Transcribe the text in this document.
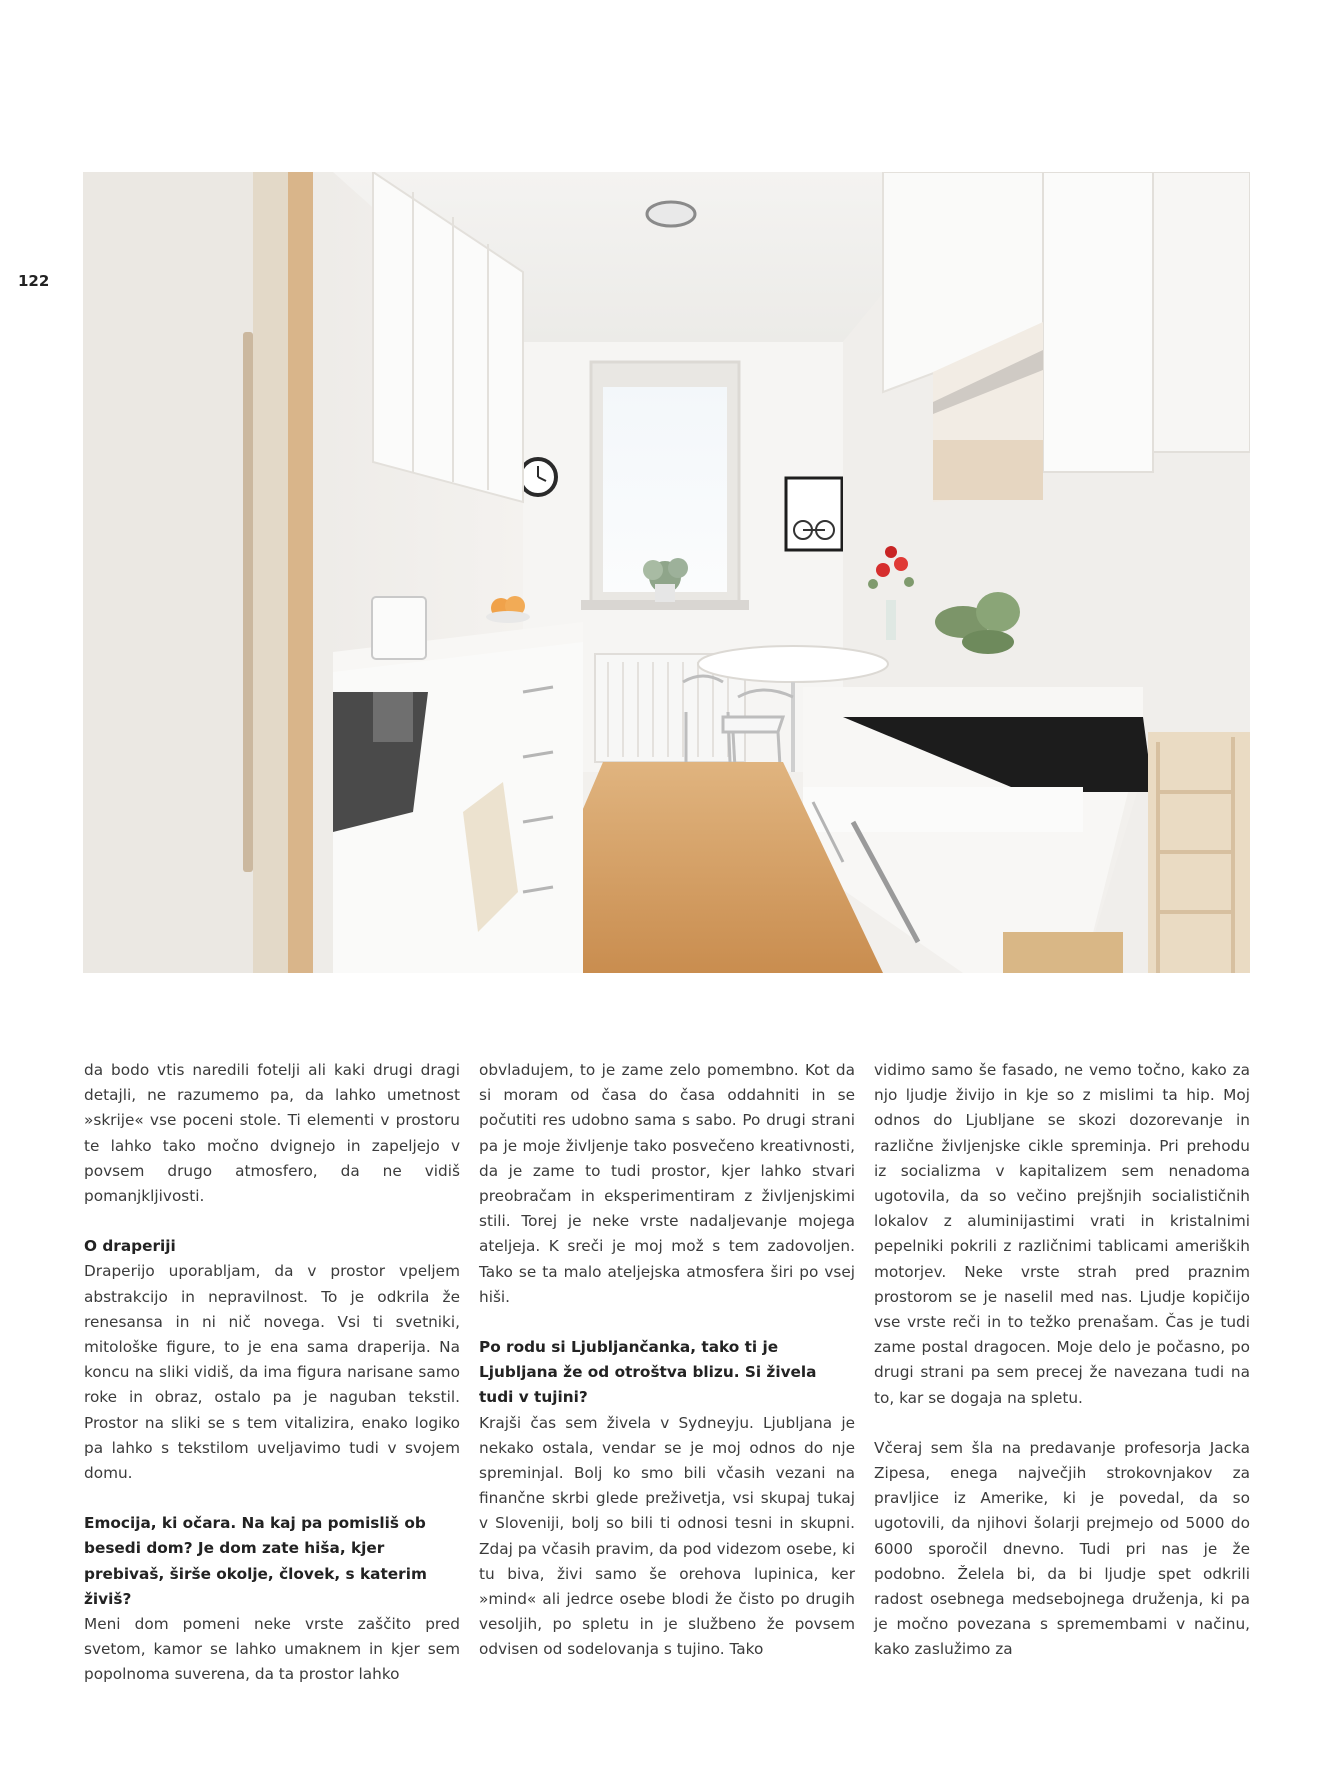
122

da bodo vtis naredili fotelji ali kaki drugi dragi detajli, ne razumemo pa, da lahko umetnost »skrije« vse poceni stole. Ti elementi v prostoru te lahko tako močno dvignejo in zapeljejo v povsem drugo atmosfero, da ne vidiš pomanjkljivosti.

O draperiji

Draperijo uporabljam, da v prostor vpeljem abstrakcijo in nepravilnost. To je odkrila že renesansa in ni nič novega. Vsi ti svetniki, mitološke figure, to je ena sama draperija. Na koncu na sliki vidiš, da ima figura narisane samo roke in obraz, ostalo pa je naguban tekstil. Prostor na sliki se s tem vitalizira, enako logiko pa lahko s tekstilom uveljavimo tudi v svojem domu.

Emocija, ki očara. Na kaj pa pomisliš ob besedi dom? Je dom zate hiša, kjer prebivaš, širše okolje, človek, s katerim živiš?

Meni dom pomeni neke vrste zaščito pred svetom, kamor se lahko umaknem in kjer sem popolnoma suverena, da ta prostor lahko

obvladujem, to je zame zelo pomembno. Kot da si moram od časa do časa oddahniti in se počutiti res udobno sama s sabo. Po drugi strani pa je moje življenje tako posvečeno kreativnosti, da je zame to tudi prostor, kjer lahko stvari preobračam in eksperimentiram z življenjskimi stili. Torej je neke vrste nadaljevanje mojega ateljeja. K sreči je moj mož s tem zadovoljen. Tako se ta malo ateljejska atmosfera širi po vsej hiši.

Po rodu si Ljubljančanka, tako ti je Ljubljana že od otroštva blizu. Si živela tudi v tujini?

Krajši čas sem živela v Sydneyju. Ljubljana je nekako ostala, vendar se je moj odnos do nje spreminjal. Bolj ko smo bili včasih vezani na finančne skrbi glede preživetja, vsi skupaj tukaj v Sloveniji, bolj so bili ti odnosi tesni in skupni. Zdaj pa včasih pravim, da pod videzom osebe, ki tu biva, živi samo še orehova lupinica, ker »mind« ali jedrce osebe blodi že čisto po drugih vesoljih, po spletu in je službeno že povsem odvisen od sodelovanja s tujino. Tako

vidimo samo še fasado, ne vemo točno, kako za njo ljudje živijo in kje so z mislimi ta hip. Moj odnos do Ljubljane se skozi dozorevanje in različne življenjske cikle spreminja. Pri prehodu iz socializma v kapitalizem sem nenadoma ugotovila, da so večino prejšnjih socialističnih lokalov z aluminijastimi vrati in kristalnimi pepelniki pokrili z različnimi tablicami ameriških motorjev. Neke vrste strah pred praznim prostorom se je naselil med nas. Ljudje kopičijo vse vrste reči in to težko prenašam. Čas je tudi zame postal dragocen. Moje delo je počasno, po drugi strani pa sem precej že navezana tudi na to, kar se dogaja na spletu.

Včeraj sem šla na predavanje profesorja Jacka Zipesa, enega največjih strokovnjakov za pravljice iz Amerike, ki je povedal, da so ugotovili, da njihovi šolarji prejmejo od 5000 do 6000 sporočil dnevno. Tudi pri nas je že podobno. Želela bi, da bi ljudje spet odkrili radost osebnega medsebojnega druženja, ki pa je močno povezana s spremembami v načinu, kako zaslužimo za
